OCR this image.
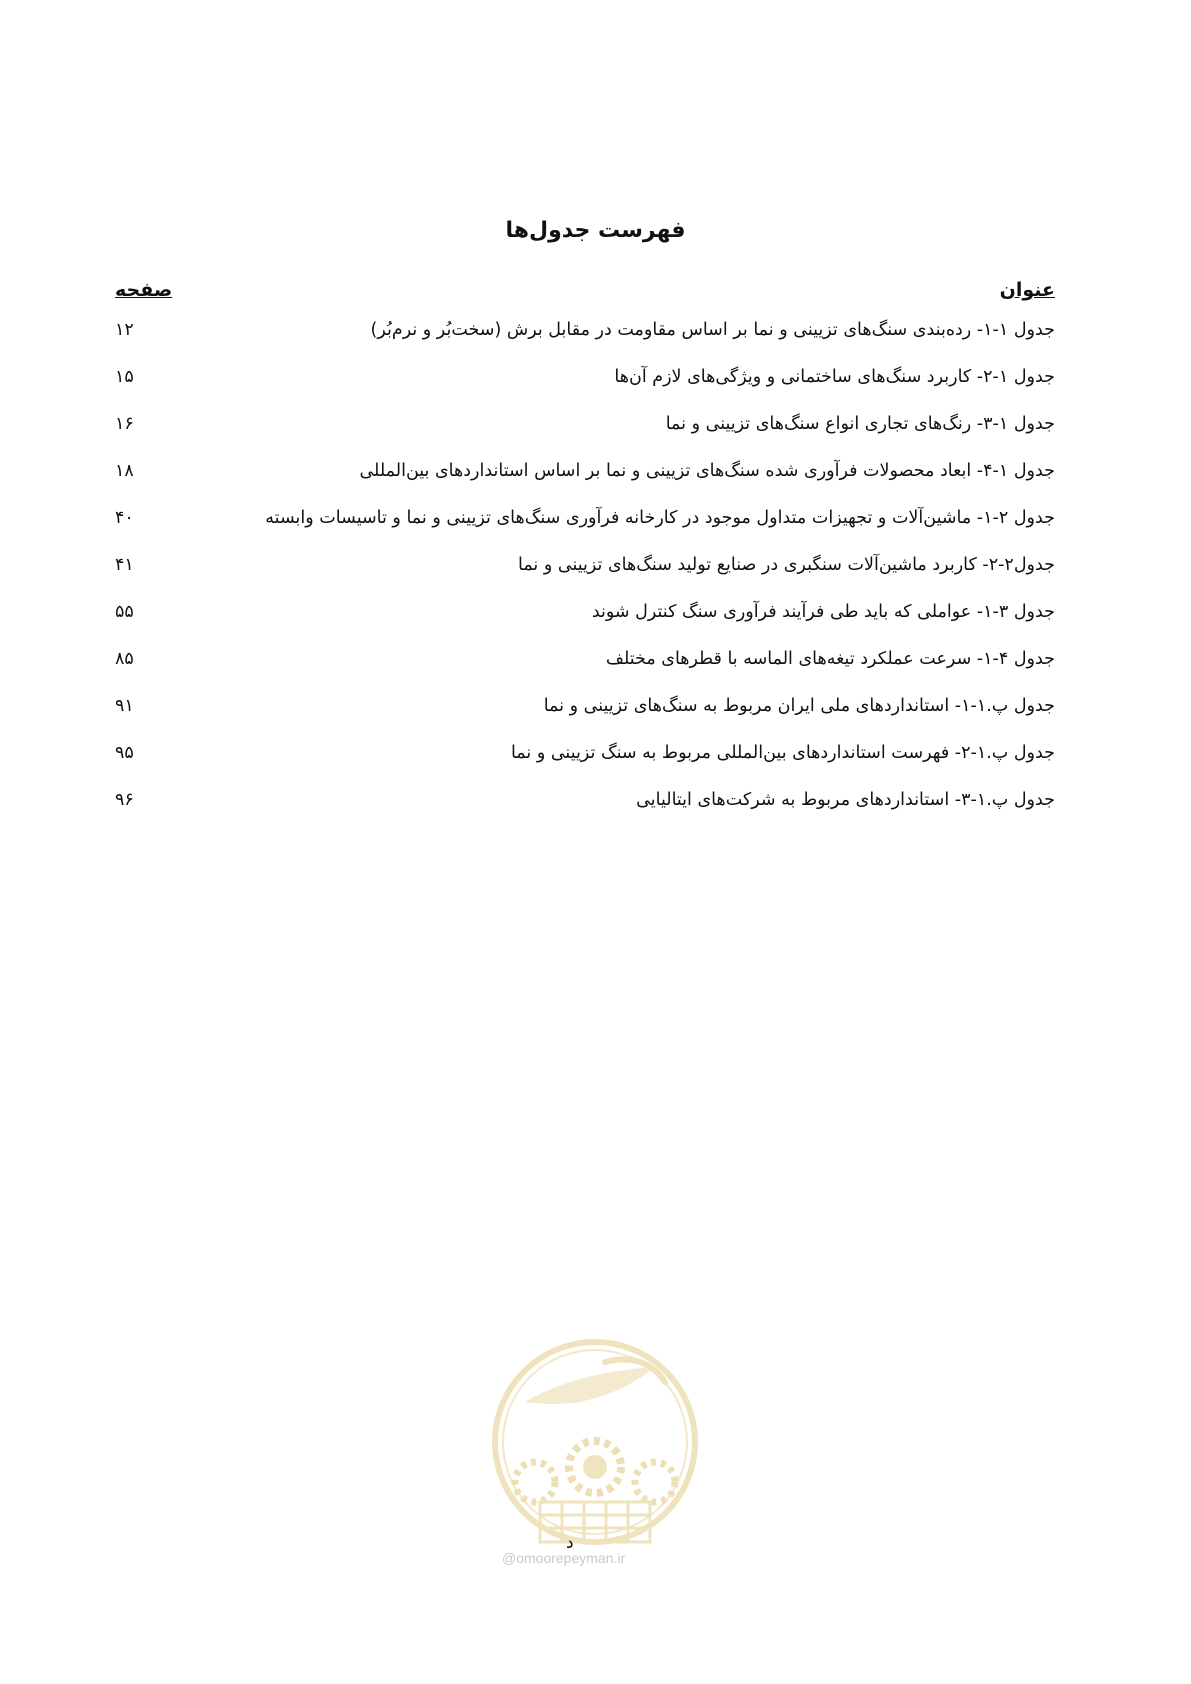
فهرست جدول‌ها
عنوان
صفحه
جدول ۱-۱- رده‌بندی سنگ‌های تزیینی و نما بر اساس مقاومت در مقابل برش (سخت‌بُر و نرم‌بُر)
۱۲
جدول ۱-۲- کاربرد سنگ‌های ساختمانی و ویژگی‌های لازم آن‌ها
۱۵
جدول ۱-۳- رنگ‌های تجاری انواع سنگ‌های تزیینی و نما
۱۶
جدول ۱-۴- ابعاد محصولات فرآوری شده سنگ‌های تزیینی و نما بر اساس استانداردهای بین‌المللی
۱۸
جدول ۲-۱- ماشین‌آلات و تجهیزات متداول موجود در کارخانه فرآوری سنگ‌های تزیینی و نما و تاسیسات وابسته
۴۰
جدول۲-۲- کاربرد ماشین‌آلات سنگبری در صنایع تولید سنگ‌های تزیینی و نما
۴۱
جدول ۳-۱- عواملی که باید طی فرآیند فرآوری سنگ کنترل شوند
۵۵
جدول ۴-۱- سرعت عملکرد تیغه‌های الماسه با قطرهای مختلف
۸۵
جدول پ.۱-۱- استانداردهای ملی ایران مربوط به سنگ‌های تزیینی و نما
۹۱
جدول پ.۱-۲- فهرست استانداردهای بین‌المللی مربوط به سنگ تزیینی و نما
۹۵
جدول پ.۱-۳- استانداردهای مربوط به شرکت‌های ایتالیایی
۹۶
د
@omoorepeyman.ir
